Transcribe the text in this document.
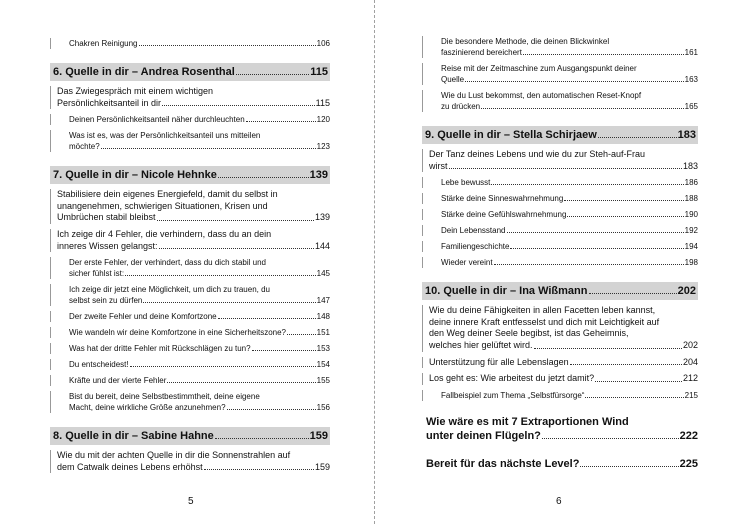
Chakren Reinigung	106
6. Quelle in dir – Andrea Rosenthal	115
Das Zwiegespräch mit einem wichtigen
Persönlichkeitsanteil in dir	115
Deinen Persönlichkeitsanteil näher durchleuchten	120
Was ist es, was der Persönlichkeitsanteil uns mitteilen
möchte?	123
7. Quelle in dir – Nicole Hehnke	139
Stabilisiere dein eigenes Energiefeld, damit du selbst in
unangenehmen, schwierigen Situationen, Krisen und
Umbrüchen stabil bleibst	139
Ich zeige dir 4 Fehler, die verhindern, dass du an dein
inneres Wissen gelangst:	144
Der erste Fehler, der verhindert, dass du dich stabil und
sicher fühlst ist:	145
Ich zeige dir jetzt eine Möglichkeit, um dich zu trauen, du
selbst sein zu dürfen	147
Der zweite Fehler und deine Komfortzone	148
Wie wandeln wir deine Komfortzone in eine Sicherheitszone?	151
Was hat der dritte Fehler mit Rückschlägen zu tun?	153
Du entscheidest!	154
Kräfte und der vierte Fehler	155
Bist du bereit, deine Selbstbestimmtheit, deine eigene
Macht, deine wirkliche Größe anzunehmen?	156
8. Quelle in dir – Sabine Hahne	159
Wie du mit der achten Quelle in dir die Sonnenstrahlen auf
dem Catwalk deines Lebens erhöhst	159
5
Die besondere Methode, die deinen Blickwinkel
faszinierend bereichert	161
Reise mit der Zeitmaschine zum Ausgangspunkt deiner
Quelle	163
Wie du Lust bekommst, den automatischen Reset-Knopf
zu drücken	165
9. Quelle in dir – Stella Schirjaew	183
Der Tanz deines Lebens und wie du zur Steh-auf-Frau
wirst	183
Lebe bewusst	186
Stärke deine Sinneswahrnehmung	188
Stärke deine Gefühlswahrnehmung	190
Dein Lebensstand	192
Familiengeschichte	194
Wieder vereint	198
10. Quelle in dir – Ina Wißmann	202
Wie du deine Fähigkeiten in allen Facetten leben kannst,
deine innere Kraft entfesselst und dich mit Leichtigkeit auf
den Weg deiner Seele begibst, ist das Geheimnis,
welches hier gelüftet wird.	202
Unterstützung für alle Lebenslagen	204
Los geht es: Wie arbeitest du jetzt damit?	212
Fallbeispiel zum Thema „Selbstfürsorge“	215
Wie wäre es mit 7 Extraportionen Wind
unter deinen Flügeln?	222
Bereit für das nächste Level?	225
6
